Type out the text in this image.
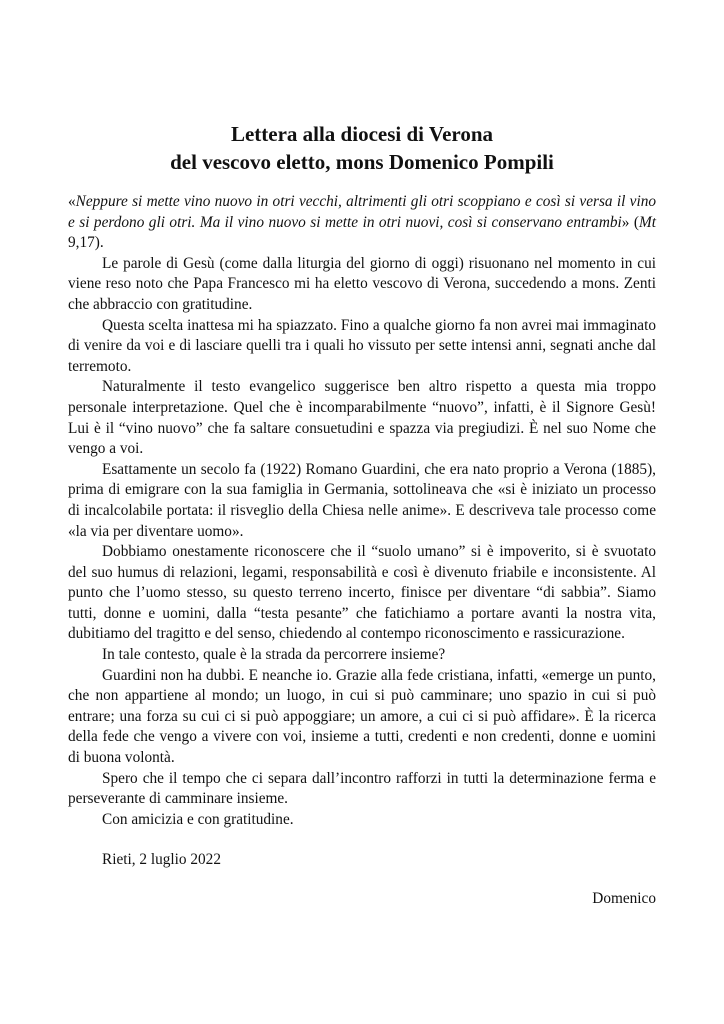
Lettera alla diocesi di Verona
del vescovo eletto, mons Domenico Pompili

«Neppure si mette vino nuovo in otri vecchi, altrimenti gli otri scoppiano e così si versa il vino e si perdono gli otri. Ma il vino nuovo si mette in otri nuovi, così si conservano entrambi» (Mt 9,17).

Le parole di Gesù (come dalla liturgia del giorno di oggi) risuonano nel momento in cui viene reso noto che Papa Francesco mi ha eletto vescovo di Verona, succedendo a mons. Zenti che abbraccio con gratitudine.

Questa scelta inattesa mi ha spiazzato. Fino a qualche giorno fa non avrei mai immaginato di venire da voi e di lasciare quelli tra i quali ho vissuto per sette intensi anni, segnati anche dal terremoto.

Naturalmente il testo evangelico suggerisce ben altro rispetto a questa mia troppo personale interpretazione. Quel che è incomparabilmente “nuovo”, infatti, è il Signore Gesù! Lui è il “vino nuovo” che fa saltare consuetudini e spazza via pregiudizi. È nel suo Nome che vengo a voi.

Esattamente un secolo fa (1922) Romano Guardini, che era nato proprio a Verona (1885), prima di emigrare con la sua famiglia in Germania, sottolineava che «si è iniziato un processo di incalcolabile portata: il risveglio della Chiesa nelle anime». E descriveva tale processo come «la via per diventare uomo».

Dobbiamo onestamente riconoscere che il “suolo umano” si è impoverito, si è svuotato del suo humus di relazioni, legami, responsabilità e così è divenuto friabile e inconsistente. Al punto che l’uomo stesso, su questo terreno incerto, finisce per diventare “di sabbia”. Siamo tutti, donne e uomini, dalla “testa pesante” che fatichiamo a portare avanti la nostra vita, dubitiamo del tragitto e del senso, chiedendo al contempo riconoscimento e rassicurazione.

In tale contesto, quale è la strada da percorrere insieme?

Guardini non ha dubbi. E neanche io. Grazie alla fede cristiana, infatti, «emerge un punto, che non appartiene al mondo; un luogo, in cui si può camminare; uno spazio in cui si può entrare; una forza su cui ci si può appoggiare; un amore, a cui ci si può affidare». È la ricerca della fede che vengo a vivere con voi, insieme a tutti, credenti e non credenti, donne e uomini di buona volontà.

Spero che il tempo che ci separa dall’incontro rafforzi in tutti la determinazione ferma e perseverante di camminare insieme.

Con amicizia e con gratitudine.

Rieti, 2 luglio 2022
Domenico
